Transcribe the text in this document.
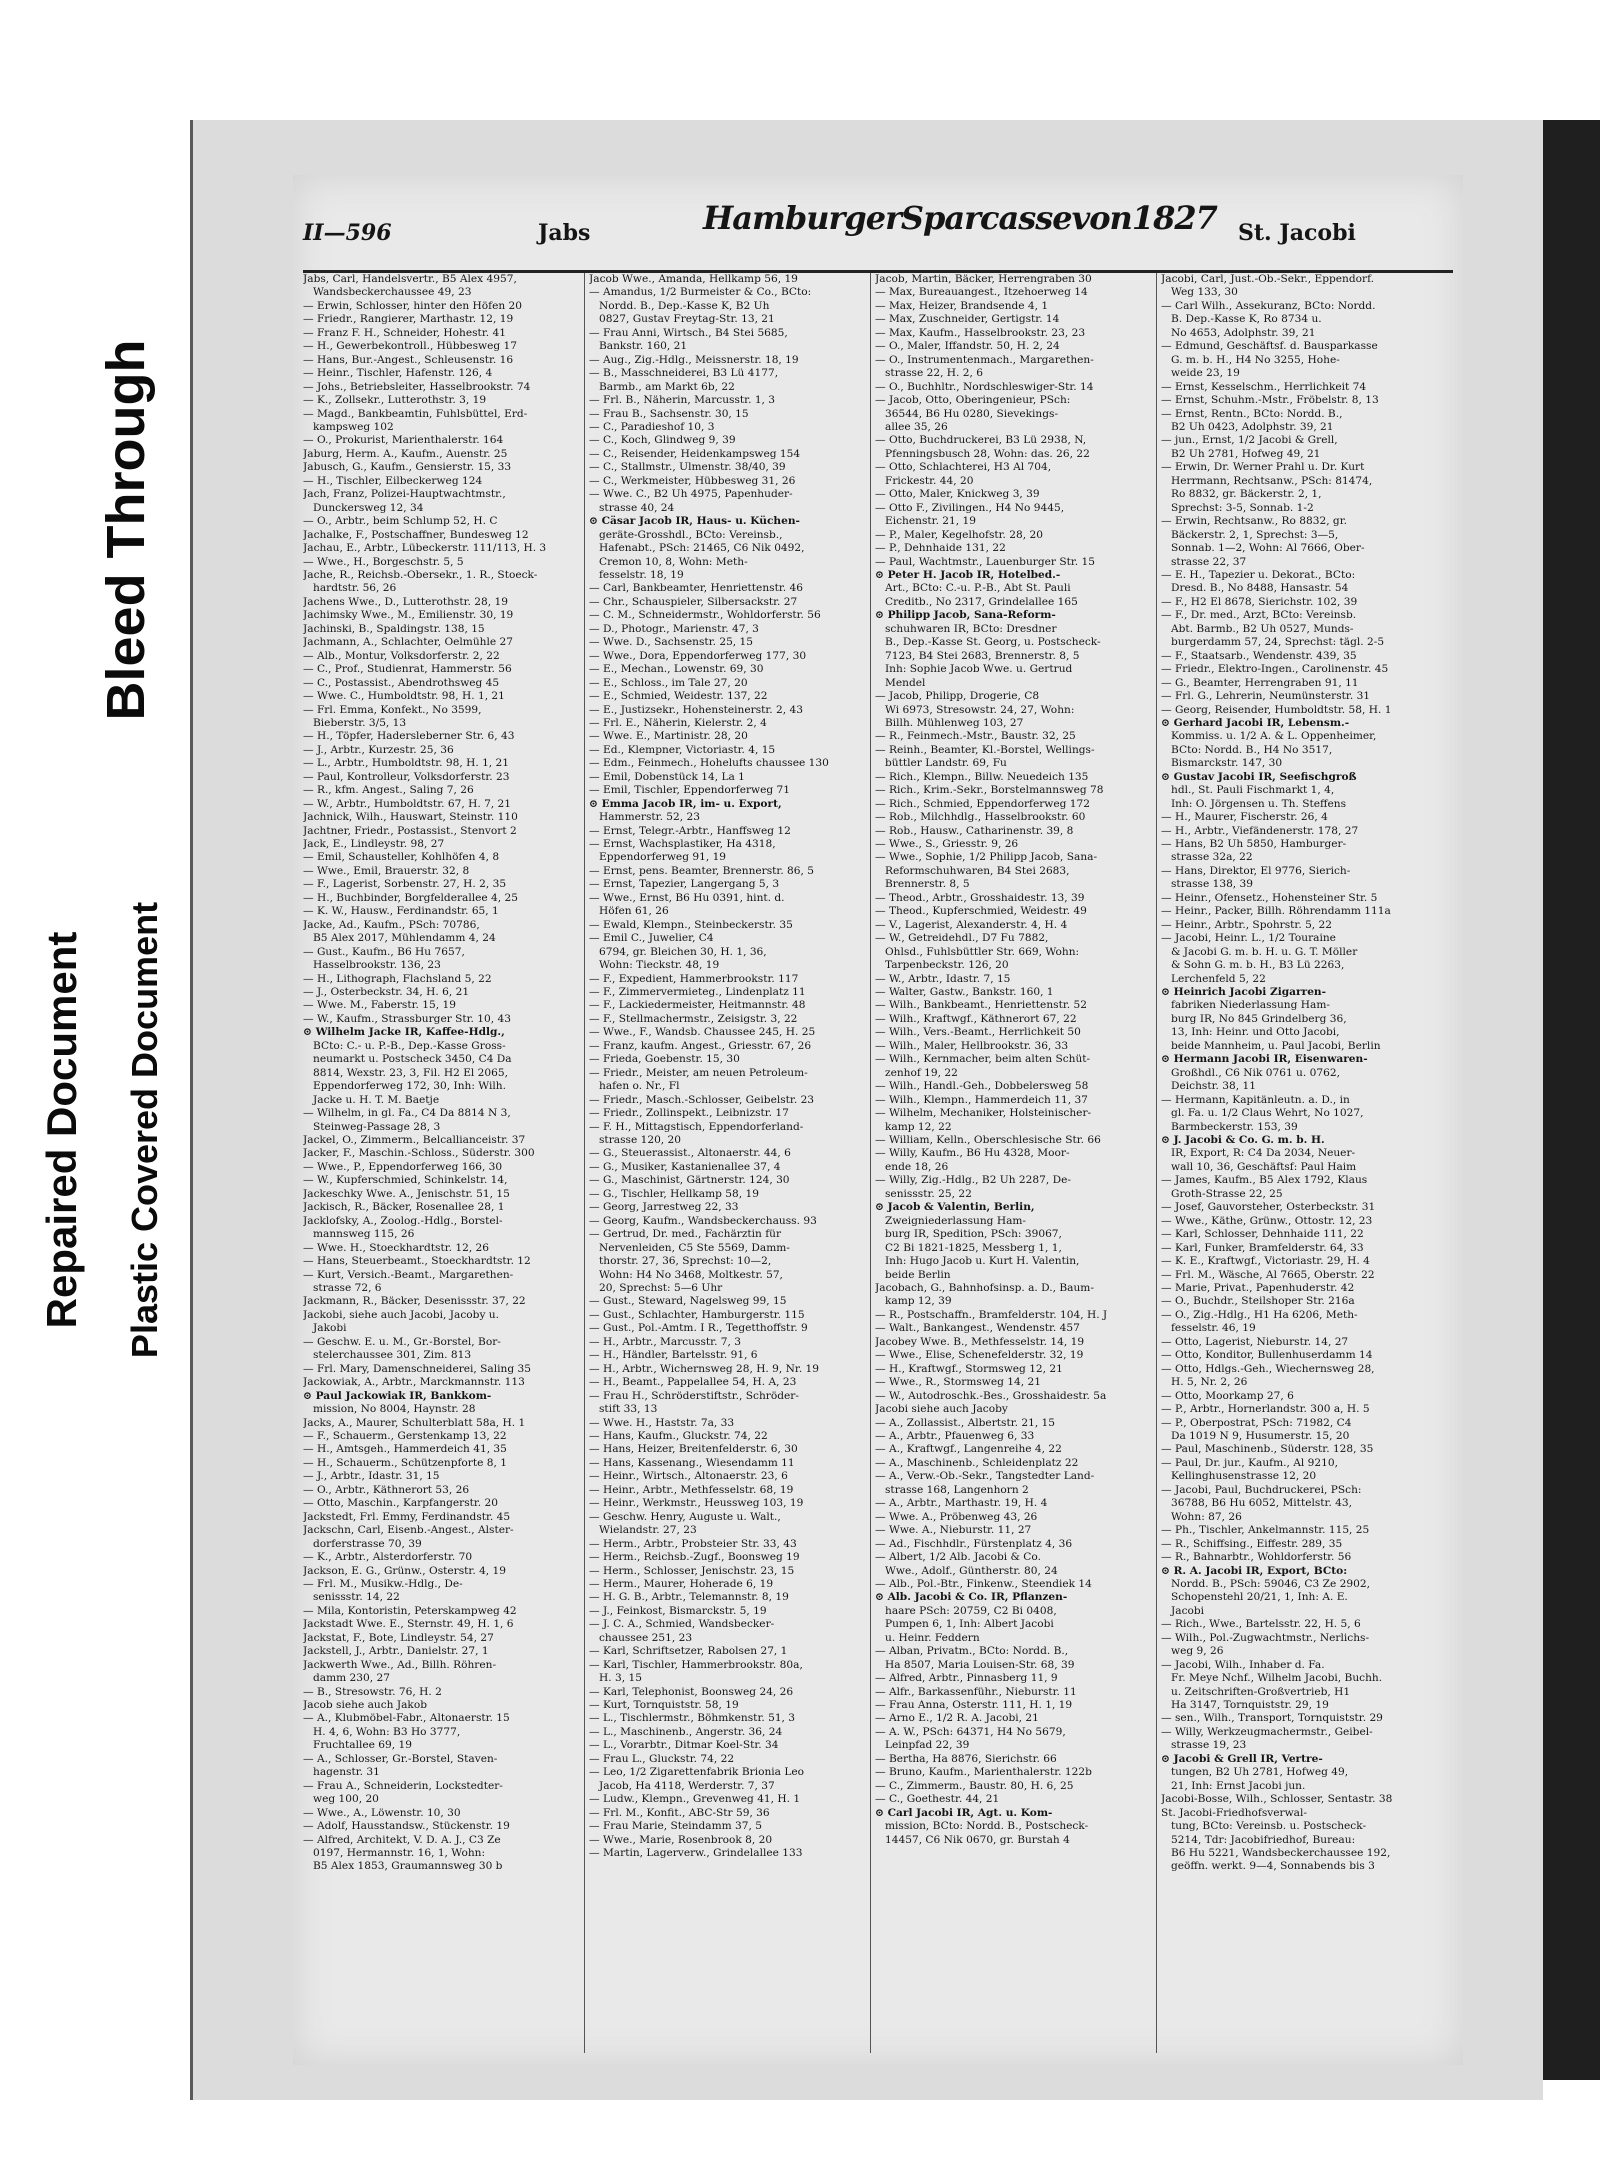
Repaired Document Plastic Covered Document
Bleed Through
II—596	Jabs	HamburgerSparcassevon1827 St. Jacobi
Jabs, Carl, Handelsvertr., B5 Alex 4957,
Wandsbeckerchaussee 49, 23
— Erwin, Schlosser, hinter den Höfen 20
— Friedr., Rangierer, Marthastr. 12, 19
— Franz F. H., Schneider, Hohestr. 41
— H., Gewerbekontroll., Hübbesweg 17
— Hans, Bur.-Angest., Schleusenstr. 16
— Heinr., Tischler, Hafenstr. 126, 4
— Johs., Betriebsleiter, Hasselbrookstr. 74
— K., Zollsekr., Lutterothstr. 3, 19
— Magd., Bankbeamtin, Fuhlsbüttel, Erd-
kampsweg 102
— O., Prokurist, Marienthalerstr. 164
Jaburg, Herm. A., Kaufm., Auenstr. 25
Jabusch, G., Kaufm., Gensierstr. 15, 33
— H., Tischler, Eilbeckerweg 124
Jach, Franz, Polizei-Hauptwachtmstr.,
Dunckersweg 12, 34
— O., Arbtr., beim Schlump 52, H. C
Jachalke, F., Postschaffner, Bundesweg 12
Jachau, E., Arbtr., Lübeckerstr. 111/113, H. 3
— Wwe., H., Borgeschstr. 5, 5
Jache, R., Reichsb.-Obersekr., 1. R., Stoeck-
hardtstr. 56, 26
Jachens Wwe., D., Lutterothstr. 28, 19
Jachimsky Wwe., M., Emilienstr. 30, 19
Jachinski, B., Spaldingstr. 138, 15
Jachmann, A., Schlachter, Oelmühle 27
— Alb., Montur, Volksdorferstr. 2, 22
— C., Prof., Studienrat, Hammerstr. 56
— C., Postassist., Abendrothsweg 45
— Wwe. C., Humboldtstr. 98, H. 1, 21
— Frl. Emma, Konfekt., No 3599,
Bieberstr. 3/5, 13
— H., Töpfer, Hadersleberner Str. 6, 43
— J., Arbtr., Kurzestr. 25, 36
— L., Arbtr., Humboldtstr. 98, H. 1, 21
— Paul, Kontrolleur, Volksdorferstr. 23
— R., kfm. Angest., Saling 7, 26
— W., Arbtr., Humboldtstr. 67, H. 7, 21
Jachnick, Wilh., Hauswart, Steinstr. 110
Jachtner, Friedr., Postassist., Stenvort 2
Jack, E., Lindleystr. 98, 27
— Emil, Schausteller, Kohlhöfen 4, 8
— Wwe., Emil, Brauerstr. 32, 8
— F., Lagerist, Sorbenstr. 27, H. 2, 35
— H., Buchbinder, Borgfelderallee 4, 25
— K. W., Hausw., Ferdinandstr. 65, 1
Jacke, Ad., Kaufm., PSch: 70786,
B5 Alex 2017, Mühlendamm 4, 24
— Gust., Kaufm., B6 Hu 7657,
Hasselbrookstr. 136, 23
— H., Lithograph, Flachsland 5, 22
— J., Osterbeckstr. 34, H. 6, 21
— Wwe. M., Faberstr. 15, 19
— W., Kaufm., Strassburger Str. 10, 43
⊙ Wilhelm Jacke IR, Kaffee-Hdlg.,
BCto: C.- u. P.-B., Dep.-Kasse Gross-
neumarkt u. Postscheck 3450, C4 Da
8814, Wexstr. 23, 3, Fil. H2 El 2065,
Eppendorferweg 172, 30, Inh: Wilh.
Jacke u. H. T. M. Baetje
— Wilhelm, in gl. Fa., C4 Da 8814 N 3,
Steinweg-Passage 28, 3
Jackel, O., Zimmerm., Belcallianceistr. 37
Jacker, F., Maschin.-Schloss., Süderstr. 300
— Wwe., P., Eppendorferweg 166, 30
— W., Kupferschmied, Schinkelstr. 14,
Jackeschky Wwe. A., Jenischstr. 51, 15
Jackisch, R., Bäcker, Rosenallee 28, 1
Jacklofsky, A., Zoolog.-Hdlg., Borstel-
mannsweg 115, 26
— Wwe. H., Stoeckhardtstr. 12, 26
— Hans, Steuerbeamt., Stoeckhardtstr. 12
— Kurt, Versich.-Beamt., Margarethen-
strasse 72, 6
Jackmann, R., Bäcker, Desenissstr. 37, 22
Jackobi, siehe auch Jacobi, Jacoby u.
Jakobi
— Geschw. E. u. M., Gr.-Borstel, Bor-
stelerchaussee 301, Zim. 813
— Frl. Mary, Damenschneiderei, Saling 35
Jackowiak, A., Arbtr., Marckmannstr. 113
⊙ Paul Jackowiak IR, Bankkom-
mission, No 8004, Haynstr. 28
Jacks, A., Maurer, Schulterblatt 58a, H. 1
— F., Schauerm., Gerstenkamp 13, 22
— H., Amtsgeh., Hammerdeich 41, 35
— H., Schauerm., Schützenpforte 8, 1
— J., Arbtr., Idastr. 31, 15
— O., Arbtr., Käthnerort 53, 26
— Otto, Maschin., Karpfangerstr. 20
Jackstedt, Frl. Emmy, Ferdinandstr. 45
Jackschn, Carl, Eisenb.-Angest., Alster-
dorferstrasse 70, 39
— K., Arbtr., Alsterdorferstr. 70
Jackson, E. G., Grünw., Osterstr. 4, 19
— Frl. M., Musikw.-Hdlg., De-
senissstr. 14, 22
— Mila, Kontoristin, Peterskampweg 42
Jackstadt Wwe. E., Sternstr. 49, H. 1, 6
Jackstat, F., Bote, Lindleystr. 54, 27
Jackstell, J., Arbtr., Danielstr. 27, 1
Jackwerth Wwe., Ad., Billh. Röhren-
damm 230, 27
— B., Stresowstr. 76, H. 2
Jacob siehe auch Jakob
— A., Klubmöbel-Fabr., Altonaerstr. 15
H. 4, 6, Wohn: B3 Ho 3777,
Fruchtallee 69, 19
— A., Schlosser, Gr.-Borstel, Staven-
hagenstr. 31
— Frau A., Schneiderin, Lockstedter-
weg 100, 20
— Wwe., A., Löwenstr. 10, 30
— Adolf, Hausstandsw., Stückenstr. 19
— Alfred, Architekt, V. D. A. J., C3 Ze
0197, Hermannstr. 16, 1, Wohn:
B5 Alex 1853, Graumannsweg 30 b
Jacob Wwe., Amanda, Hellkamp 56, 19
— Amandus, 1/2 Burmeister & Co., BCto:
Nordd. B., Dep.-Kasse K, B2 Uh
0827, Gustav Freytag-Str. 13, 21
— Frau Anni, Wirtsch., B4 Stei 5685,
Bankstr. 160, 21
— Aug., Zig.-Hdlg., Meissnerstr. 18, 19
— B., Masschneiderei, B3 Lü 4177,
Barmb., am Markt 6b, 22
— Frl. B., Näherin, Marcusstr. 1, 3
— Frau B., Sachsenstr. 30, 15
— C., Paradieshof 10, 3
— C., Koch, Glindweg 9, 39
— C., Reisender, Heidenkampsweg 154
— C., Stallmstr., Ulmenstr. 38/40, 39
— C., Werkmeister, Hübbesweg 31, 26
— Wwe. C., B2 Uh 4975, Papenhuder-
strasse 40, 24
⊙ Cäsar Jacob IR, Haus- u. Küchen-
geräte-Grosshdl., BCto: Vereinsb.,
Hafenabt., PSch: 21465, C6 Nik 0492,
Cremon 10, 8, Wohn: Meth-
fesselstr. 18, 19
— Carl, Bankbeamter, Henriettenstr. 46
— Chr., Schauspieler, Silbersackstr. 27
— C. M., Schneidermstr., Wohldorferstr. 56
— D., Photogr., Marienstr. 47, 3
— Wwe. D., Sachsenstr. 25, 15
— Wwe., Dora, Eppendorferweg 177, 30
— E., Mechan., Lowenstr. 69, 30
— E., Schloss., im Tale 27, 20
— E., Schmied, Weidestr. 137, 22
— E., Justizsekr., Hohensteinerstr. 2, 43
— Frl. E., Näherin, Kielerstr. 2, 4
— Wwe. E., Martinistr. 28, 20
— Ed., Klempner, Victoriastr. 4, 15
— Edm., Feinmech., Hohelufts chaussee 130
— Emil, Dobenstück 14, La 1
— Emil, Tischler, Eppendorferweg 71
⊙ Emma Jacob IR, im- u. Export,
Hammerstr. 52, 23
— Ernst, Telegr.-Arbtr., Hanffsweg 12
— Ernst, Wachsplastiker, Ha 4318,
Eppendorferweg 91, 19
— Ernst, pens. Beamter, Brennerstr. 86, 5
— Ernst, Tapezier, Langergang 5, 3
— Wwe., Ernst, B6 Hu 0391, hint. d.
Höfen 61, 26
— Ewald, Klempn., Steinbeckerstr. 35
— Emil C., Juwelier, C4
6794, gr. Bleichen 30, H. 1, 36,
Wohn: Tieckstr. 48, 19
— F., Expedient, Hammerbrookstr. 117
— F., Zimmervermieteg., Lindenplatz 11
— F., Lackiedermeister, Heitmannstr. 48
— F., Stellmachermstr., Zeisigstr. 3, 22
— Wwe., F., Wandsb. Chaussee 245, H. 25
— Franz, kaufm. Angest., Griesstr. 67, 26
— Frieda, Goebenstr. 15, 30
— Friedr., Meister, am neuen Petroleum-
hafen o. Nr., Fl
— Friedr., Masch.-Schlosser, Geibelstr. 23
— Friedr., Zollinspekt., Leibnizstr. 17
— F. H., Mittagstisch, Eppendorferland-
strasse 120, 20
— G., Steuerassist., Altonaerstr. 44, 6
— G., Musiker, Kastanienallee 37, 4
— G., Maschinist, Gärtnerstr. 124, 30
— G., Tischler, Hellkamp 58, 19
— Georg, Jarrestweg 22, 33
— Georg, Kaufm., Wandsbeckerchauss. 93
— Gertrud, Dr. med., Fachärztin für
Nervenleiden, C5 Ste 5569, Damm-
thorstr. 27, 36, Sprechst: 10—2,
Wohn: H4 No 3468, Moltkestr. 57,
20, Sprechst: 5—6 Uhr
— Gust., Steward, Nagelsweg 99, 15
— Gust., Schlachter, Hamburgerstr. 115
— Gust., Pol.-Amtm. I R., Tegetthoffstr. 9
— H., Arbtr., Marcusstr. 7, 3
— H., Händler, Bartelsstr. 91, 6
— H., Arbtr., Wichernsweg 28, H. 9, Nr. 19
— H., Beamt., Pappelallee 54, H. A, 23
— Frau H., Schröderstiftstr., Schröder-
stift 33, 13
— Wwe. H., Haststr. 7a, 33
— Hans, Kaufm., Gluckstr. 74, 22
— Hans, Heizer, Breitenfelderstr. 6, 30
— Hans, Kassenang., Wiesendamm 11
— Heinr., Wirtsch., Altonaerstr. 23, 6
— Heinr., Arbtr., Methfesselstr. 68, 19
— Heinr., Werkmstr., Heussweg 103, 19
— Geschw. Henry, Auguste u. Walt.,
Wielandstr. 27, 23
— Herm., Arbtr., Probsteier Str. 33, 43
— Herm., Reichsb.-Zugf., Boonsweg 19
— Herm., Schlosser, Jenischstr. 23, 15
— Herm., Maurer, Hoherade 6, 19
— H. G. B., Arbtr., Telemannstr. 8, 19
— J., Feinkost, Bismarckstr. 5, 19
— J. C. A., Schmied, Wandsbecker-
chaussee 251, 23
— Karl, Schriftsetzer, Rabolsen 27, 1
— Karl, Tischler, Hammerbrookstr. 80a,
H. 3, 15
— Karl, Telephonist, Boonsweg 24, 26
— Kurt, Tornquiststr. 58, 19
— L., Tischlermstr., Böhmkenstr. 51, 3
— L., Maschinenb., Angerstr. 36, 24
— L., Vorarbtr., Ditmar Koel-Str. 34
— Frau L., Gluckstr. 74, 22
— Leo, 1/2 Zigarettenfabrik Brionia Leo
Jacob, Ha 4118, Werderstr. 7, 37
— Ludw., Klempn., Grevenweg 41, H. 1
— Frl. M., Konfit., ABC-Str 59, 36
— Frau Marie, Steindamm 37, 5
— Wwe., Marie, Rosenbrook 8, 20
— Martin, Lagerverw., Grindelallee 133
Jacob, Martin, Bäcker, Herrengraben 30
— Max, Bureauangest., Itzehoerweg 14
— Max, Heizer, Brandsende 4, 1
— Max, Zuschneider, Gertigstr. 14
— Max, Kaufm., Hasselbrookstr. 23, 23
— O., Maler, Iffandstr. 50, H. 2, 24
— O., Instrumentenmach., Margarethen-
strasse 22, H. 2, 6
— O., Buchhltr., Nordschleswiger-Str. 14
— Jacob, Otto, Oberingenieur, PSch:
36544, B6 Hu 0280, Sievekings-
allee 35, 26
— Otto, Buchdruckerei, B3 Lü 2938, N,
Pfenningsbusch 28, Wohn: das. 26, 22
— Otto, Schlachterei, H3 Al 704,
Frickestr. 44, 20
— Otto, Maler, Knickweg 3, 39
— Otto F., Zivilingen., H4 No 9445,
Eichenstr. 21, 19
— P., Maler, Kegelhofstr. 28, 20
— P., Dehnhaide 131, 22
— Paul, Wachtmstr., Lauenburger Str. 15
⊙ Peter H. Jacob IR, Hotelbed.-
Art., BCto: C.-u. P.-B., Abt St. Pauli
Creditb., No 2317, Grindelallee 165
⊙ Philipp Jacob, Sana-Reform-
schuhwaren IR, BCto: Dresdner
B., Dep.-Kasse St. Georg, u. Postscheck-
7123, B4 Stei 2683, Brennerstr. 8, 5
Inh: Sophie Jacob Wwe. u. Gertrud
Mendel
— Jacob, Philipp, Drogerie, C8
Wi 6973, Stresowstr. 24, 27, Wohn:
Billh. Mühlenweg 103, 27
— R., Feinmech.-Mstr., Baustr. 32, 25
— Reinh., Beamter, Kl.-Borstel, Wellings-
büttler Landstr. 69, Fu
— Rich., Klempn., Billw. Neuedeich 135
— Rich., Krim.-Sekr., Borstelmannsweg 78
— Rich., Schmied, Eppendorferweg 172
— Rob., Milchhdlg., Hasselbrookstr. 60
— Rob., Hausw., Catharinenstr. 39, 8
— Wwe., S., Griesstr. 9, 26
— Wwe., Sophie, 1/2 Philipp Jacob, Sana-
Reformschuhwaren, B4 Stei 2683,
Brennerstr. 8, 5
— Theod., Arbtr., Grosshaidestr. 13, 39
— Theod., Kupferschmied, Weidestr. 49
— V., Lagerist, Alexanderstr. 4, H. 4
— W., Getreidehdl., D7 Fu 7882,
Ohlsd., Fuhlsbüttler Str. 669, Wohn:
Tarpenbeckstr. 126, 20
— W., Arbtr., Idastr. 7, 15
— Walter, Gastw., Bankstr. 160, 1
— Wilh., Bankbeamt., Henriettenstr. 52
— Wilh., Kraftwgf., Käthnerort 67, 22
— Wilh., Vers.-Beamt., Herrlichkeit 50
— Wilh., Maler, Hellbrookstr. 36, 33
— Wilh., Kernmacher, beim alten Schüt-
zenhof 19, 22
— Wilh., Handl.-Geh., Dobbelersweg 58
— Wilh., Klempn., Hammerdeich 11, 37
— Wilhelm, Mechaniker, Holsteinischer-
kamp 12, 22
— William, Kelln., Oberschlesische Str. 66
— Willy, Kaufm., B6 Hu 4328, Moor-
ende 18, 26
— Willy, Zig.-Hdlg., B2 Uh 2287, De-
senissstr. 25, 22
⊙ Jacob & Valentin, Berlin,
Zweigniederlassung Ham-
burg IR, Spedition, PSch: 39067,
C2 Bi 1821-1825, Messberg 1, 1,
Inh: Hugo Jacob u. Kurt H. Valentin,
beide Berlin
Jacobach, G., Bahnhofsinsp. a. D., Baum-
kamp 12, 39
— R., Postschaffn., Bramfelderstr. 104, H. J
— Walt., Bankangest., Wendenstr. 457
Jacobey Wwe. B., Methfesselstr. 14, 19
— Wwe., Elise, Schenefelderstr. 32, 19
— H., Kraftwgf., Stormsweg 12, 21
— Wwe., R., Stormsweg 14, 21
— W., Autodroschk.-Bes., Grosshaidestr. 5a
Jacobi siehe auch Jacoby
— A., Zollassist., Albertstr. 21, 15
— A., Arbtr., Pfauenweg 6, 33
— A., Kraftwgf., Langenreihe 4, 22
— A., Maschinenb., Schleidenplatz 22
— A., Verw.-Ob.-Sekr., Tangstedter Land-
strasse 168, Langenhorn 2
— A., Arbtr., Marthastr. 19, H. 4
— Wwe. A., Pröbenweg 43, 26
— Wwe. A., Nieburstr. 11, 27
— Ad., Fischhdlr., Fürstenplatz 4, 36
— Albert, 1/2 Alb. Jacobi & Co.
Wwe., Adolf., Güntherstr. 80, 24
— Alb., Pol.-Btr., Finkenw., Steendiek 14
⊙ Alb. Jacobi & Co. IR, Pflanzen-
haare PSch: 20759, C2 Bi 0408,
Pumpen 6, 1, Inh: Albert Jacobi
u. Heinr. Feddern
— Alban, Privatm., BCto: Nordd. B.,
Ha 8507, Maria Louisen-Str. 68, 39
— Alfred, Arbtr., Pinnasberg 11, 9
— Alfr., Barkassenführ., Nieburstr. 11
— Frau Anna, Osterstr. 111, H. 1, 19
— Arno E., 1/2 R. A. Jacobi, 21
— A. W., PSch: 64371, H4 No 5679,
Leinpfad 22, 39
— Bertha, Ha 8876, Sierichstr. 66
— Bruno, Kaufm., Marienthalerstr. 122b
— C., Zimmerm., Baustr. 80, H. 6, 25
— C., Goethestr. 44, 21
⊙ Carl Jacobi IR, Agt. u. Kom-
mission, BCto: Nordd. B., Postscheck-
14457, C6 Nik 0670, gr. Burstah 4
Jacobi, Carl, Just.-Ob.-Sekr., Eppendorf.
Weg 133, 30
— Carl Wilh., Assekuranz, BCto: Nordd.
B. Dep.-Kasse K, Ro 8734 u.
No 4653, Adolphstr. 39, 21
— Edmund, Geschäftsf. d. Bausparkasse
G. m. b. H., H4 No 3255, Hohe-
weide 23, 19
— Ernst, Kesselschm., Herrlichkeit 74
— Ernst, Schuhm.-Mstr., Fröbelstr. 8, 13
— Ernst, Rentn., BCto: Nordd. B.,
B2 Uh 0423, Adolphstr. 39, 21
— jun., Ernst, 1/2 Jacobi & Grell,
B2 Uh 2781, Hofweg 49, 21
— Erwin, Dr. Werner Prahl u. Dr. Kurt
Herrmann, Rechtsanw., PSch: 81474,
Ro 8832, gr. Bäckerstr. 2, 1,
Sprechst: 3-5, Sonnab. 1-2
— Erwin, Rechtsanw., Ro 8832, gr.
Bäckerstr. 2, 1, Sprechst: 3—5,
Sonnab. 1—2, Wohn: Al 7666, Ober-
strasse 22, 37
— E. H., Tapezier u. Dekorat., BCto:
Dresd. B., No 8488, Hansastr. 54
— F., H2 El 8678, Sierichstr. 102, 39
— F., Dr. med., Arzt, BCto: Vereinsb.
Abt. Barmb., B2 Uh 0527, Munds-
burgerdamm 57, 24, Sprechst: tägl. 2-5
— F., Staatsarb., Wendenstr. 439, 35
— Friedr., Elektro-Ingen., Carolinenstr. 45
— G., Beamter, Herrengraben 91, 11
— Frl. G., Lehrerin, Neumünsterstr. 31
— Georg, Reisender, Humboldtstr. 58, H. 1
⊙ Gerhard Jacobi IR, Lebensm.-
Kommiss. u. 1/2 A. & L. Oppenheimer,
BCto: Nordd. B., H4 No 3517,
Bismarckstr. 147, 30
⊙ Gustav Jacobi IR, Seefischgroß
hdl., St. Pauli Fischmarkt 1, 4,
Inh: O. Jörgensen u. Th. Steffens
— H., Maurer, Fischerstr. 26, 4
— H., Arbtr., Viefändenerstr. 178, 27
— Hans, B2 Uh 5850, Hamburger-
strasse 32a, 22
— Hans, Direktor, El 9776, Sierich-
strasse 138, 39
— Heinr., Ofensetz., Hohensteiner Str. 5
— Heinr., Packer, Billh. Röhrendamm 111a
— Heinr., Arbtr., Spohrstr. 5, 22
— Jacobi, Heinr. L., 1/2 Touraine
& Jacobi G. m. b. H. u. G. T. Möller
& Sohn G. m. b. H., B3 Lü 2263,
Lerchenfeld 5, 22
⊙ Heinrich Jacobi Zigarren-
fabriken Niederlassung Ham-
burg IR, No 845 Grindelberg 36,
13, Inh: Heinr. und Otto Jacobi,
beide Mannheim, u. Paul Jacobi, Berlin
⊙ Hermann Jacobi IR, Eisenwaren-
Großhdl., C6 Nik 0761 u. 0762,
Deichstr. 38, 11
— Hermann, Kapitänleutn. a. D., in
gl. Fa. u. 1/2 Claus Wehrt, No 1027,
Barmbeckerstr. 153, 39
⊙ J. Jacobi & Co. G. m. b. H.
IR, Export, R: C4 Da 2034, Neuer-
wall 10, 36, Geschäftsf: Paul Haim
— James, Kaufm., B5 Alex 1792, Klaus
Groth-Strasse 22, 25
— Josef, Gauvorsteher, Osterbeckstr. 31
— Wwe., Käthe, Grünw., Ottostr. 12, 23
— Karl, Schlosser, Dehnhaide 111, 22
— Karl, Funker, Bramfelderstr. 64, 33
— K. E., Kraftwgf., Victoriastr. 29, H. 4
— Frl. M., Wäsche, Al 7665, Oberstr. 22
— Marie, Privat., Papenhuderstr. 42
— O., Buchdr., Steilshoper Str. 216a
— O., Zig.-Hdlg., H1 Ha 6206, Meth-
fesselstr. 46, 19
— Otto, Lagerist, Nieburstr. 14, 27
— Otto, Konditor, Bullenhuserdamm 14
— Otto, Hdlgs.-Geh., Wiechernsweg 28,
H. 5, Nr. 2, 26
— Otto, Moorkamp 27, 6
— P., Arbtr., Hornerlandstr. 300 a, H. 5
— P., Oberpostrat, PSch: 71982, C4
Da 1019 N 9, Husumerstr. 15, 20
— Paul, Maschinenb., Süderstr. 128, 35
— Paul, Dr. jur., Kaufm., Al 9210,
Kellinghusenstrasse 12, 20
— Jacobi, Paul, Buchdruckerei, PSch:
36788, B6 Hu 6052, Mittelstr. 43,
Wohn: 87, 26
— Ph., Tischler, Ankelmannstr. 115, 25
— R., Schiffsing., Eiffestr. 289, 35
— R., Bahnarbtr., Wohldorferstr. 56
⊙ R. A. Jacobi IR, Export, BCto:
Nordd. B., PSch: 59046, C3 Ze 2902,
Schopenstehl 20/21, 1, Inh: A. E.
Jacobi
— Rich., Wwe., Bartelsstr. 22, H. 5, 6
— Wilh., Pol.-Zugwachtmstr., Nerlichs-
weg 9, 26
— Jacobi, Wilh., Inhaber d. Fa.
Fr. Meye Nchf., Wilhelm Jacobi, Buchh.
u. Zeitschriften-Großvertrieb, H1
Ha 3147, Tornquiststr. 29, 19
— sen., Wilh., Transport, Tornquiststr. 29
— Willy, Werkzeugmachermstr., Geibel-
strasse 19, 23
⊙ Jacobi & Grell IR, Vertre-
tungen, B2 Uh 2781, Hofweg 49,
21, Inh: Ernst Jacobi jun.
Jacobi-Bosse, Wilh., Schlosser, Sentastr. 38
St. Jacobi-Friedhofsverwal-
tung, BCto: Vereinsb. u. Postscheck-
5214, Tdr: Jacobifriedhof, Bureau:
B6 Hu 5221, Wandsbeckerchaussee 192,
geöffn. werkt. 9—4, Sonnabends bis 3
